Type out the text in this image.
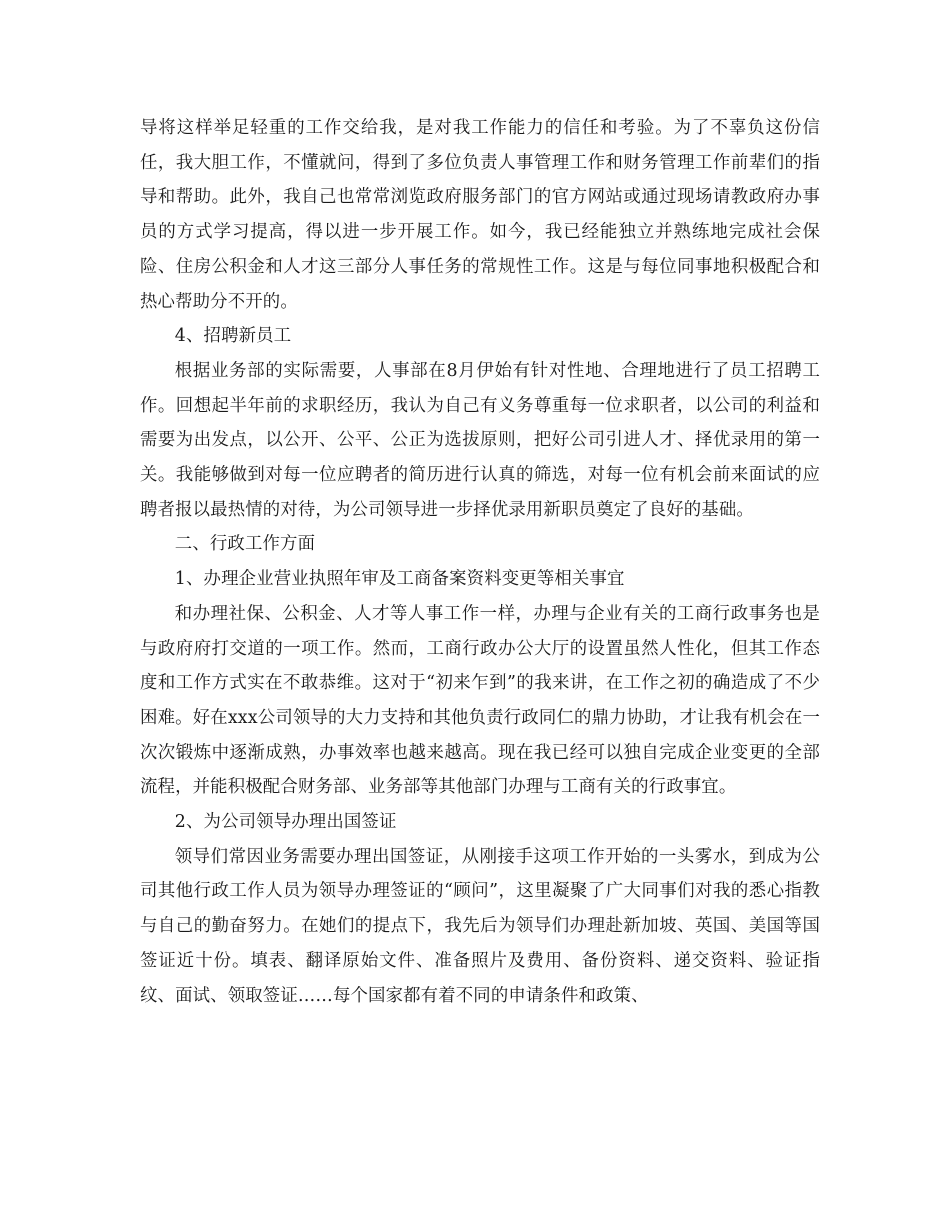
导将这样举足轻重的工作交给我，是对我工作能力的信任和考验。为了不辜负这份信任，我大胆工作，不懂就问，得到了多位负责人事管理工作和财务管理工作前辈们的指导和帮助。此外，我自己也常常浏览政府服务部门的官方网站或通过现场请教政府办事员的方式学习提高，得以进一步开展工作。如今，我已经能独立并熟练地完成社会保险、住房公积金和人才这三部分人事任务的常规性工作。这是与每位同事地积极配合和热心帮助分不开的。

4、招聘新员工

根据业务部的实际需要，人事部在8月伊始有针对性地、合理地进行了员工招聘工作。回想起半年前的求职经历，我认为自己有义务尊重每一位求职者，以公司的利益和需要为出发点，以公开、公平、公正为选拔原则，把好公司引进人才、择优录用的第一关。我能够做到对每一位应聘者的简历进行认真的筛选，对每一位有机会前来面试的应聘者报以最热情的对待，为公司领导进一步择优录用新职员奠定了良好的基础。

二、行政工作方面

1、办理企业营业执照年审及工商备案资料变更等相关事宜

和办理社保、公积金、人才等人事工作一样，办理与企业有关的工商行政事务也是与政府府打交道的一项工作。然而，工商行政办公大厅的设置虽然人性化，但其工作态度和工作方式实在不敢恭维。这对于“初来乍到”的我来讲，在工作之初的确造成了不少困难。好在xxx公司领导的大力支持和其他负责行政同仁的鼎力协助，才让我有机会在一次次锻炼中逐渐成熟，办事效率也越来越高。现在我已经可以独自完成企业变更的全部流程，并能积极配合财务部、业务部等其他部门办理与工商有关的行政事宜。

2、为公司领导办理出国签证

领导们常因业务需要办理出国签证，从刚接手这项工作开始的一头雾水，到成为公司其他行政工作人员为领导办理签证的“顾问”，这里凝聚了广大同事们对我的悉心指教与自己的勤奋努力。在她们的提点下，我先后为领导们办理赴新加坡、英国、美国等国签证近十份。填表、翻译原始文件、准备照片及费用、备份资料、递交资料、验证指纹、面试、领取签证……每个国家都有着不同的申请条件和政策、
